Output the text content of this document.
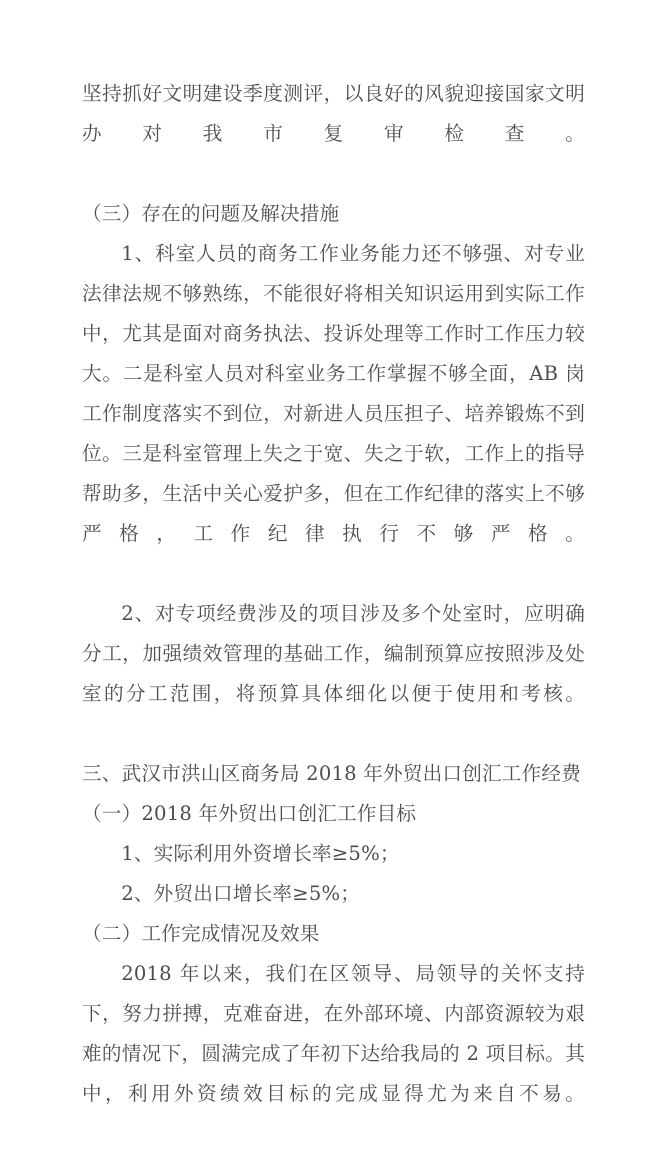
坚持抓好文明建设季度测评，以良好的风貌迎接国家文明办对我市复审检查。

（三）存在的问题及解决措施

1、科室人员的商务工作业务能力还不够强、对专业法律法规不够熟练，不能很好将相关知识运用到实际工作中，尤其是面对商务执法、投诉处理等工作时工作压力较大。二是科室人员对科室业务工作掌握不够全面，AB 岗工作制度落实不到位，对新进人员压担子、培养锻炼不到位。三是科室管理上失之于宽、失之于软，工作上的指导帮助多，生活中关心爱护多，但在工作纪律的落实上不够严格，工作纪律执行不够严格。

2、对专项经费涉及的项目涉及多个处室时，应明确分工，加强绩效管理的基础工作，编制预算应按照涉及处室的分工范围，将预算具体细化以便于使用和考核。

三、武汉市洪山区商务局 2018 年外贸出口创汇工作经费

（一）2018 年外贸出口创汇工作目标

1、实际利用外资增长率≥5%；

2、外贸出口增长率≥5%；

（二）工作完成情况及效果

2018 年以来，我们在区领导、局领导的关怀支持下，努力拼搏，克难奋进，在外部环境、内部资源较为艰难的情况下，圆满完成了年初下达给我局的 2 项目标。其中，利用外资绩效目标的完成显得尤为来自不易。
